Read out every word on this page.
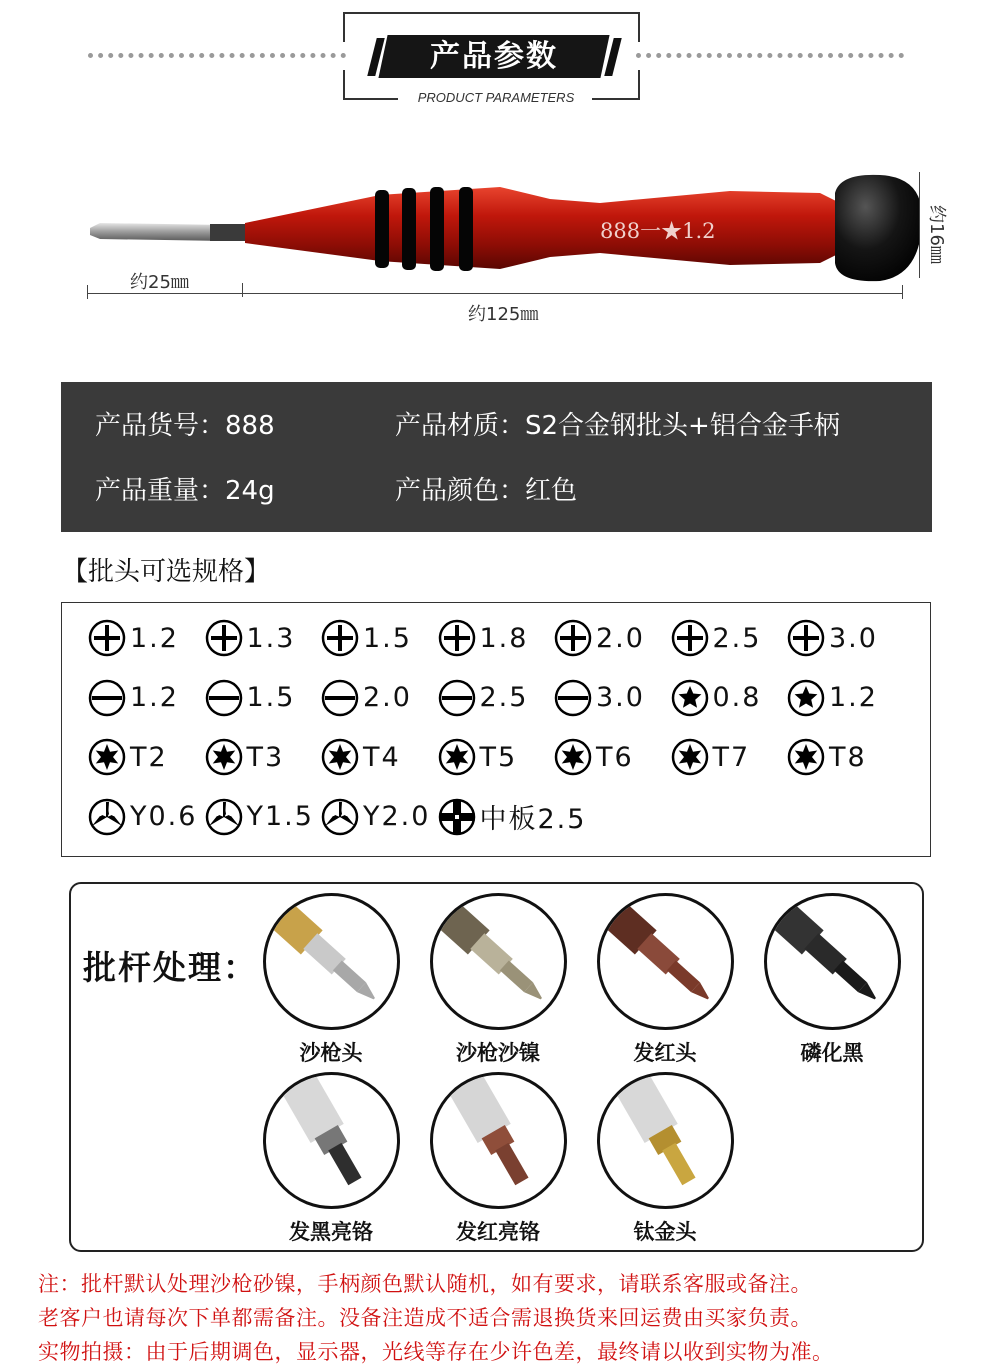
产品参数
PRODUCT PARAMETERS
888一★1.2
约25㎜
约125㎜
约16㎜
产品货号：888	产品材质：S2合金钢批头+铝合金手柄
产品重量：24g	产品颜色：红色
【批头可选规格】
1.2	1.3	1.5	1.8	2.0	2.5	3.0
1.2	1.5	2.0	2.5	3.0	0.8	1.2
T2	T3	T4	T5	T6	T7	T8
Y0.6 Y1.5 Y2.0 中板2.5
批杆处理：
沙枪头	沙枪沙镍	发红头	磷化黑
发黑亮铬	发红亮铬	钛金头
注：批杆默认处理沙枪砂镍，手柄颜色默认随机，如有要求，请联系客服或备注。
老客户也请每次下单都需备注。没备注造成不适合需退换货来回运费由买家负责。
实物拍摄：由于后期调色，显示器，光线等存在少许色差，最终请以收到实物为准。
